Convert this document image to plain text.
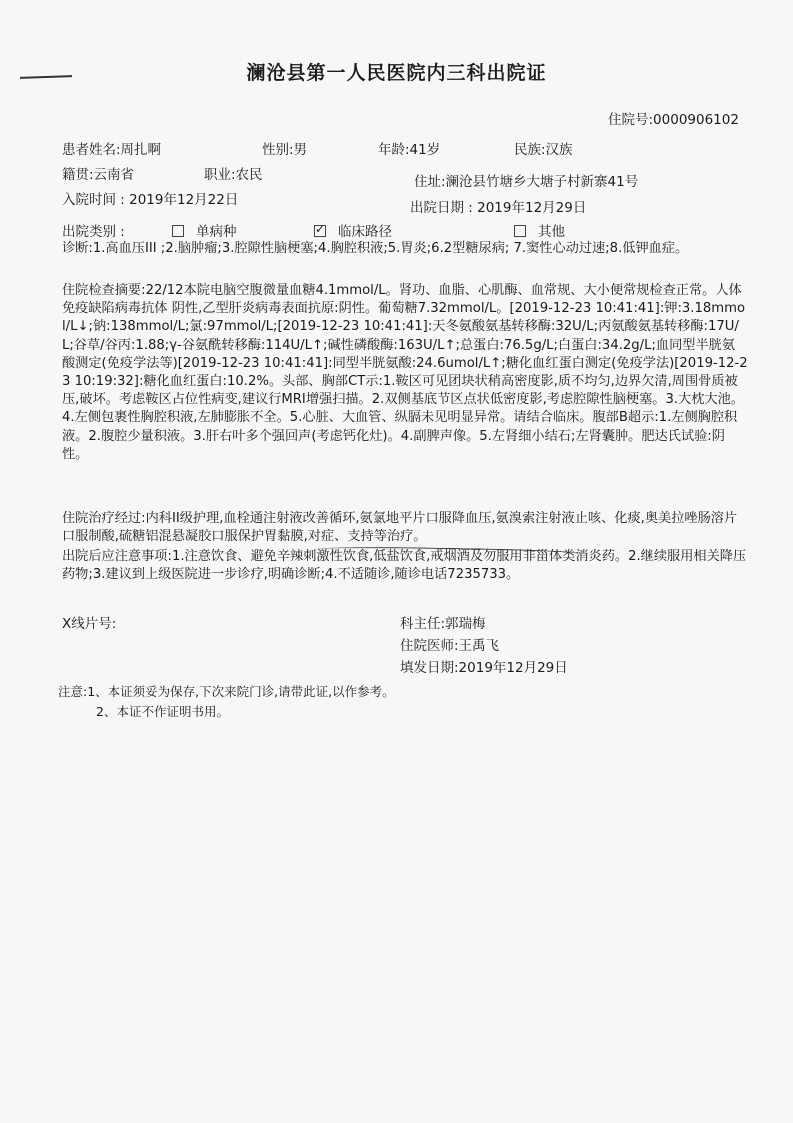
澜沧县第一人民医院内三科出院证
住院号:0000906102
患者姓名:周扎啊	性别:男	年龄:41岁	民族:汉族
籍贯:云南省	职业:农民	住址:澜沧县竹塘乡大塘子村新寨41号
入院时间 : 2019年12月22日	出院日期 : 2019年12月29日
出院类别 :	单病种
✓	临床路径	其他
诊断:1.高血压III ;2.脑肿瘤;3.腔隙性脑梗塞;4.胸腔积液;5.胃炎;6.2型糖尿病; 7.窦性心动过速;8.低钾血症。
住院检查摘要:22/12本院电脑空腹微量血糖4.1mmol/L。肾功、血脂、心肌酶、血常规、大小便常规检查正常。人体免疫缺陷病毒抗体 阴性,乙型肝炎病毒表面抗原:阴性。葡萄糖7.32mmol/L。[2019-12-23 10:41:41]:钾:3.18mmol/L↓;钠:138mmol/L;氯:97mmol/L;[2019-12-23 10:41:41]:天冬氨酸氨基转移酶:32U/L;丙氨酸氨基转移酶:17U/L;谷草/谷丙:1.88;γ-谷氨酰转移酶:114U/L↑;碱性磷酸酶:163U/L↑;总蛋白:76.5g/L;白蛋白:34.2g/L;血同型半胱氨酸测定(免疫学法等)[2019-12-23 10:41:41]:同型半胱氨酸:24.6umol/L↑;糖化血红蛋白测定(免疫学法)[2019-12-23 10:19:32]:糖化血红蛋白:10.2%。头部、胸部CT示:1.鞍区可见团块状稍高密度影,质不均匀,边界欠清,周围骨质被压,破坏。考虑鞍区占位性病变,建议行MRI增强扫描。2.双侧基底节区点状低密度影,考虑腔隙性脑梗塞。3.大枕大池。4.左侧包裹性胸腔积液,左肺膨胀不全。5.心脏、大血管、纵膈未见明显异常。请结合临床。腹部B超示:1.左侧胸腔积液。2.腹腔少量积液。3.肝右叶多个强回声(考虑钙化灶)。4.副脾声像。5.左肾细小结石;左肾囊肿。肥达氏试验:阴性。
住院治疗经过:内科II级护理,血栓通注射液改善循环,氨氯地平片口服降血压,氨溴索注射液止咳、化痰,奥美拉唑肠溶片口服制酸,硫糖铝混悬凝胶口服保护胃黏膜,对症、支持等治疗。
出院后应注意事项:1.注意饮食、避免辛辣刺激性饮食,低盐饮食,戒烟酒及勿服用非甾体类消炎药。2.继续服用相关降压药物;3.建议到上级医院进一步诊疗,明确诊断;4.不适随诊,随诊电话7235733。
X线片号:	科主任:郭瑞梅
住院医师:王禹飞
填发日期:2019年12月29日
注意:1、本证须妥为保存,下次来院门诊,请带此证,以作参考。
2、本证不作证明书用。
